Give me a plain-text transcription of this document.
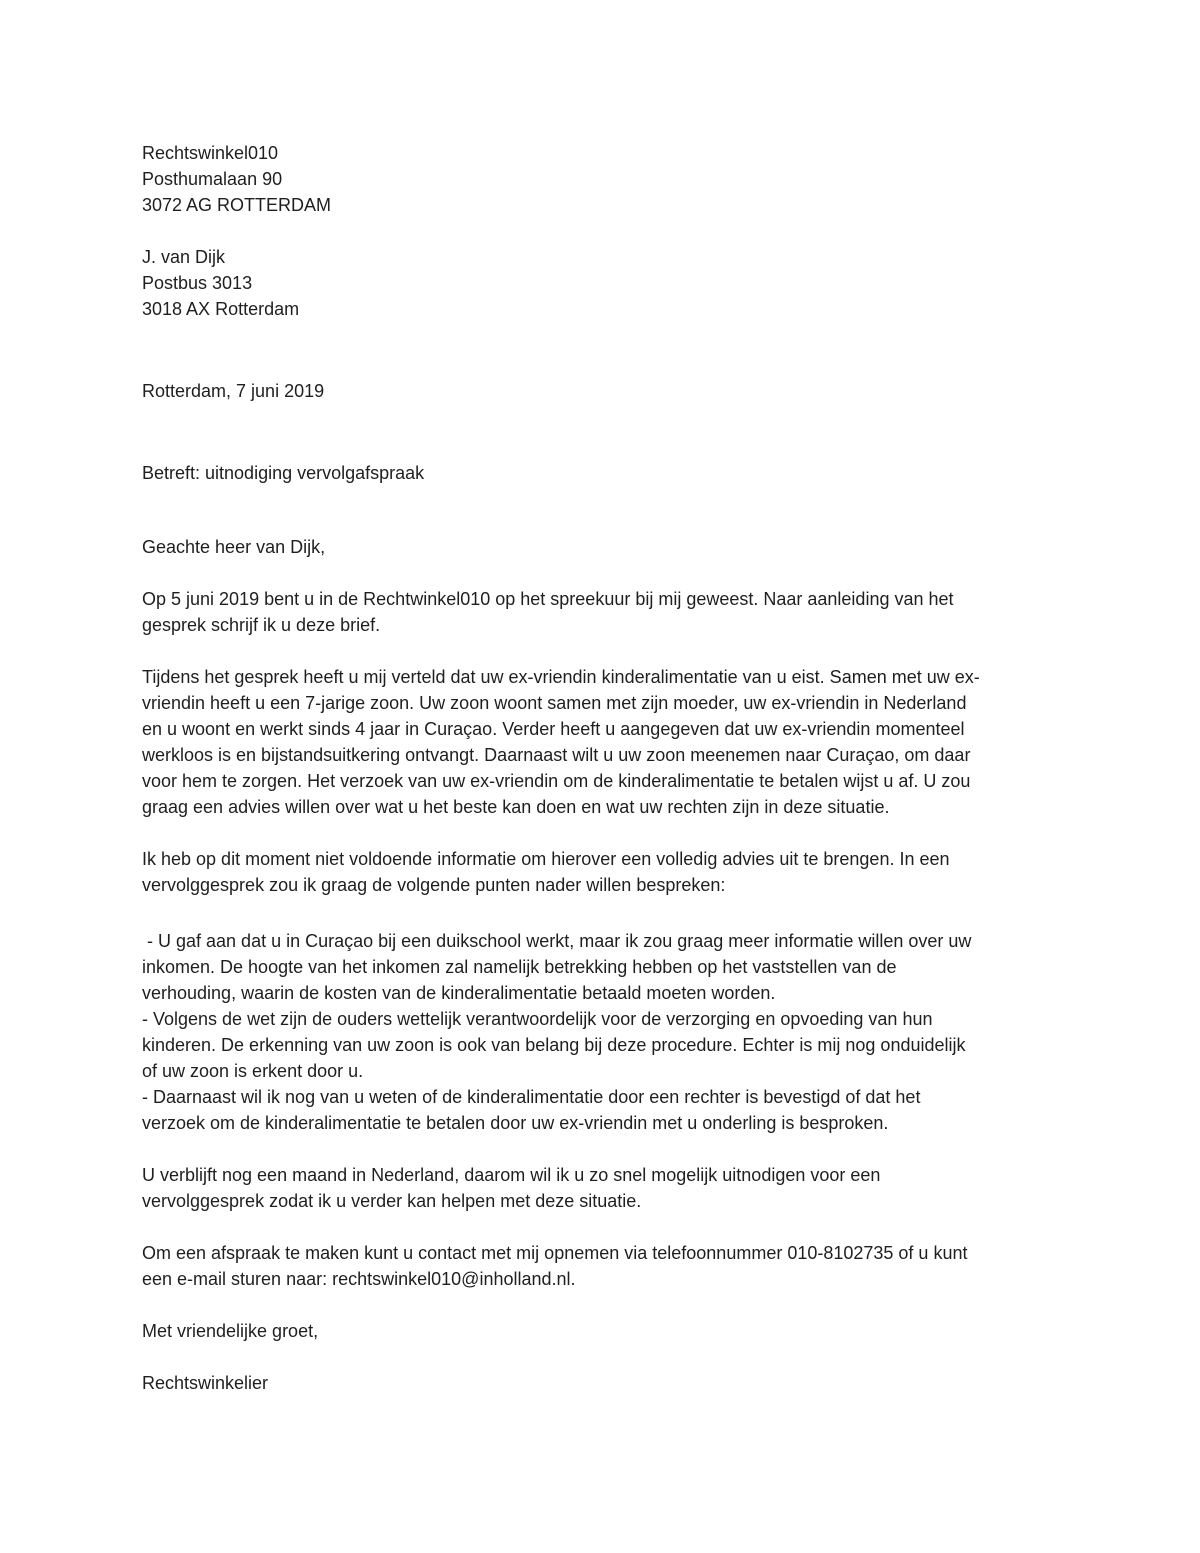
Rechtswinkel010
Posthumalaan 90
3072 AG ROTTERDAM
J. van Dijk
Postbus 3013
3018 AX Rotterdam

Rotterdam, 7 juni 2019

Betreft: uitnodiging vervolgafspraak

Geachte heer van Dijk,

Op 5 juni 2019 bent u in de Rechtwinkel010 op het spreekuur bij mij geweest. Naar aanleiding van het
gesprek schrijf ik u deze brief.
Tijdens het gesprek heeft u mij verteld dat uw ex-vriendin kinderalimentatie van u eist. Samen met uw ex-
vriendin heeft u een 7-jarige zoon. Uw zoon woont samen met zijn moeder, uw ex-vriendin in Nederland
en u woont en werkt sinds 4 jaar in Curaçao. Verder heeft u aangegeven dat uw ex-vriendin momenteel
werkloos is en bijstandsuitkering ontvangt. Daarnaast wilt u uw zoon meenemen naar Curaçao, om daar
voor hem te zorgen. Het verzoek van uw ex-vriendin om de kinderalimentatie te betalen wijst u af. U zou
graag een advies willen over wat u het beste kan doen en wat uw rechten zijn in deze situatie.
Ik heb op dit moment niet voldoende informatie om hierover een volledig advies uit te brengen. In een
vervolggesprek zou ik graag de volgende punten nader willen bespreken:
- U gaf aan dat u in Curaçao bij een duikschool werkt, maar ik zou graag meer informatie willen over uw
inkomen. De hoogte van het inkomen zal namelijk betrekking hebben op het vaststellen van de
verhouding, waarin de kosten van de kinderalimentatie betaald moeten worden.
- Volgens de wet zijn de ouders wettelijk verantwoordelijk voor de verzorging en opvoeding van hun
kinderen. De erkenning van uw zoon is ook van belang bij deze procedure. Echter is mij nog onduidelijk
of uw zoon is erkent door u.
- Daarnaast wil ik nog van u weten of de kinderalimentatie door een rechter is bevestigd of dat het
verzoek om de kinderalimentatie te betalen door uw ex-vriendin met u onderling is besproken.
U verblijft nog een maand in Nederland, daarom wil ik u zo snel mogelijk uitnodigen voor een
vervolggesprek zodat ik u verder kan helpen met deze situatie.
Om een afspraak te maken kunt u contact met mij opnemen via telefoonnummer 010-8102735 of u kunt
een e-mail sturen naar: rechtswinkel010@inholland.nl.

Met vriendelijke groet,

Rechtswinkelier
